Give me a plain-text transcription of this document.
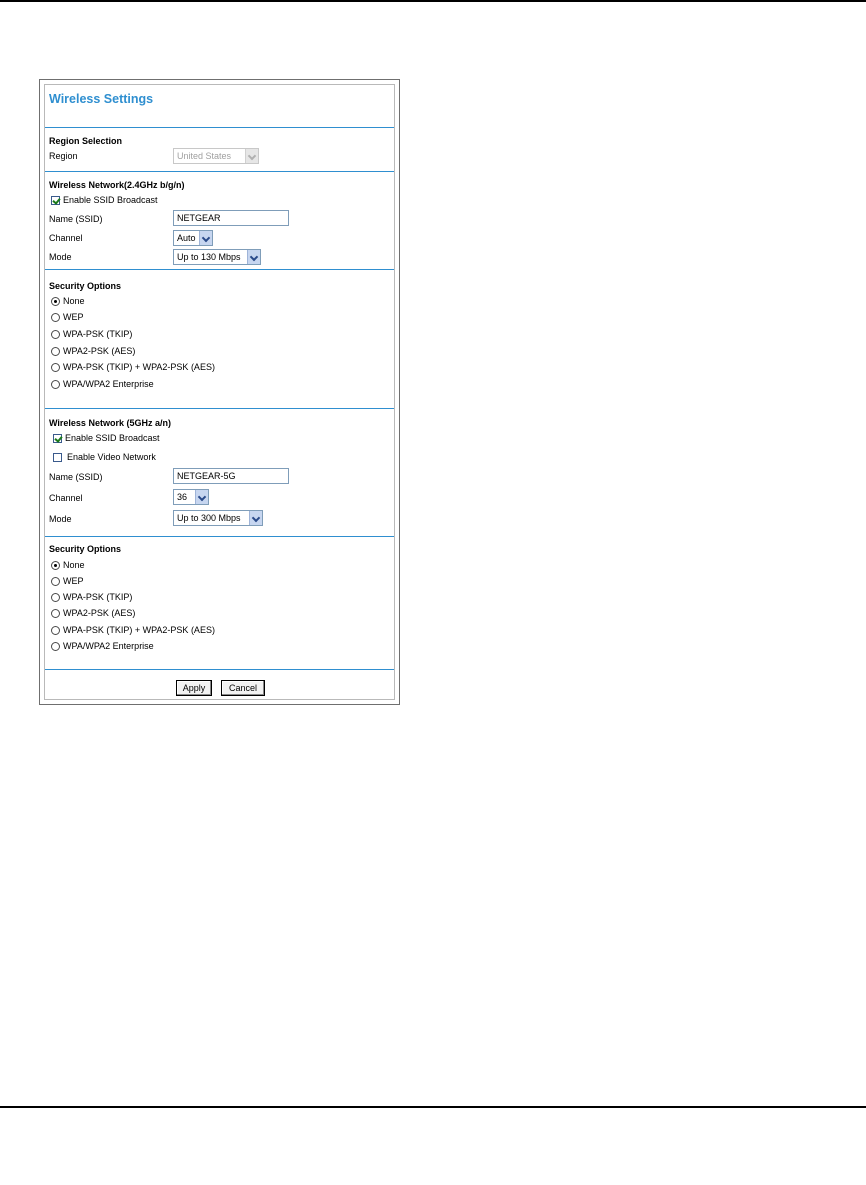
Wireless Settings
Region Selection
Region	United States
Wireless Network(2.4GHz b/g/n)
Enable SSID Broadcast
Name (SSID)	NETGEAR
Channel	Auto
Mode	Up to 130 Mbps
Security Options
None
WEP
WPA-PSK (TKIP)
WPA2-PSK (AES)
WPA-PSK (TKIP) + WPA2-PSK (AES)
WPA/WPA2 Enterprise
Wireless Network (5GHz a/n)
Enable SSID Broadcast
Enable Video Network
Name (SSID)	NETGEAR-5G
Channel	36
Mode	Up to 300 Mbps
Security Options
None
WEP
WPA-PSK (TKIP)
WPA2-PSK (AES)
WPA-PSK (TKIP) + WPA2-PSK (AES)
WPA/WPA2 Enterprise
Apply	Cancel
